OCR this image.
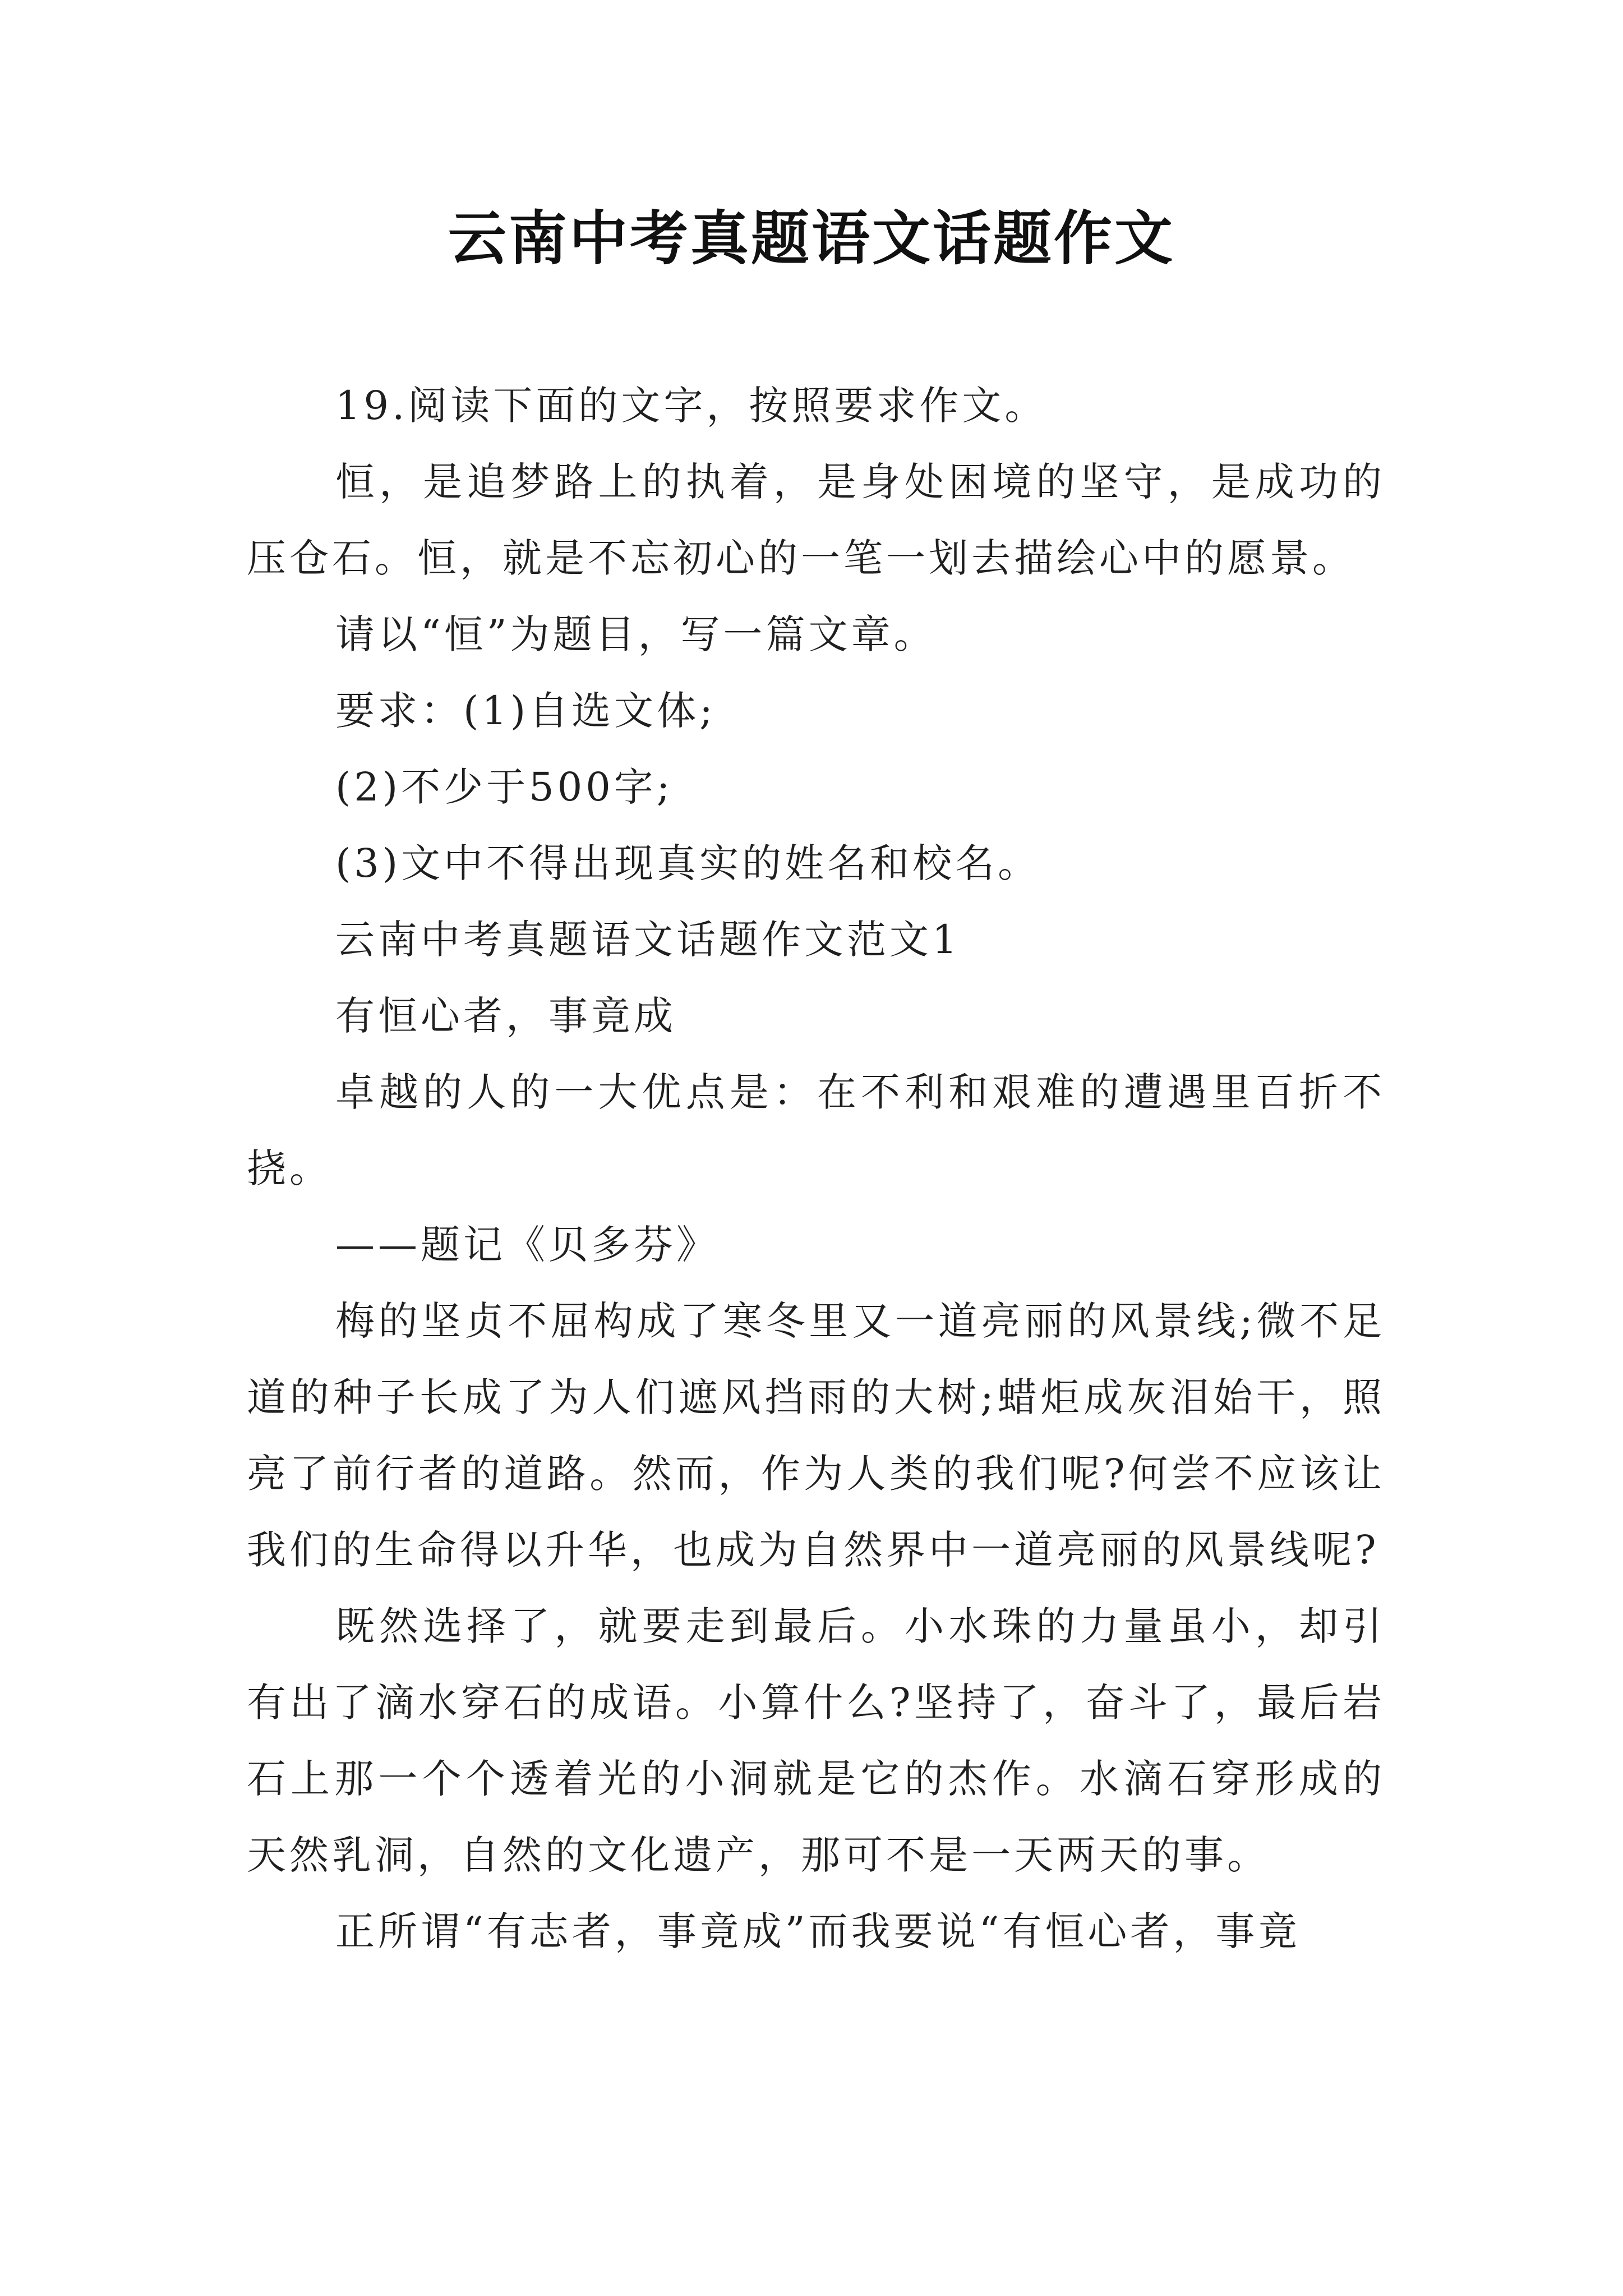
云南中考真题语文话题作文

19.阅读下面的文字，按照要求作文。

恒，是追梦路上的执着，是身处困境的坚守，是成功的压仓石。恒，就是不忘初心的一笔一划去描绘心中的愿景。

请以“恒”为题目，写一篇文章。

要求：(1)自选文体;

(2)不少于500字;

(3)文中不得出现真实的姓名和校名。

云南中考真题语文话题作文范文1

有恒心者，事竟成

卓越的人的一大优点是：在不利和艰难的遭遇里百折不挠。

——题记《贝多芬》

梅的坚贞不屈构成了寒冬里又一道亮丽的风景线;微不足道的种子长成了为人们遮风挡雨的大树;蜡炬成灰泪始干，照亮了前行者的道路。然而，作为人类的我们呢?何尝不应该让我们的生命得以升华，也成为自然界中一道亮丽的风景线呢?

既然选择了，就要走到最后。小水珠的力量虽小，却引有出了滴水穿石的成语。小算什么?坚持了，奋斗了，最后岩石上那一个个透着光的小洞就是它的杰作。水滴石穿形成的天然乳洞，自然的文化遗产，那可不是一天两天的事。

正所谓“有志者，事竟成”而我要说“有恒心者，事竟
